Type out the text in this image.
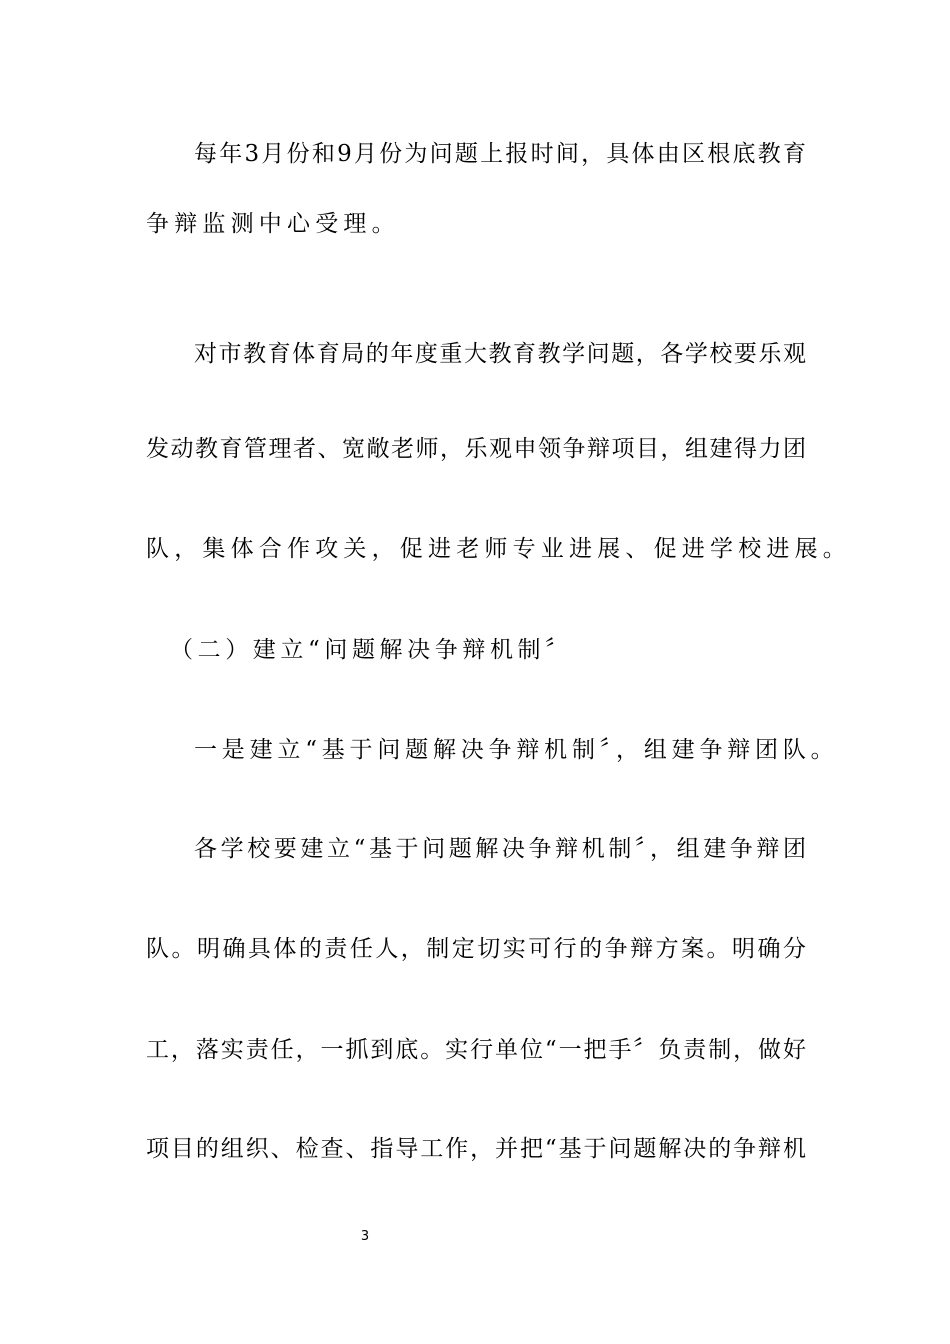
每年3月份和9月份为问题上报时间，具体由区根底教育
争辩监测中心受理。
对市教育体育局的年度重大教育教学问题，各学校要乐观
发动教育管理者、宽敞老师，乐观申领争辩项目，组建得力团
队，集体合作攻关，促进老师专业进展、促进学校进展。
（二）建立“问题解决争辩机制〞
一是建立“基于问题解决争辩机制〞，组建争辩团队。
各学校要建立“基于问题解决争辩机制〞，组建争辩团
队。明确具体的责任人，制定切实可行的争辩方案。明确分
工，落实责任，一抓到底。实行单位“一把手〞负责制，做好
项目的组织、检查、指导工作，并把“基于问题解决的争辩机
3
